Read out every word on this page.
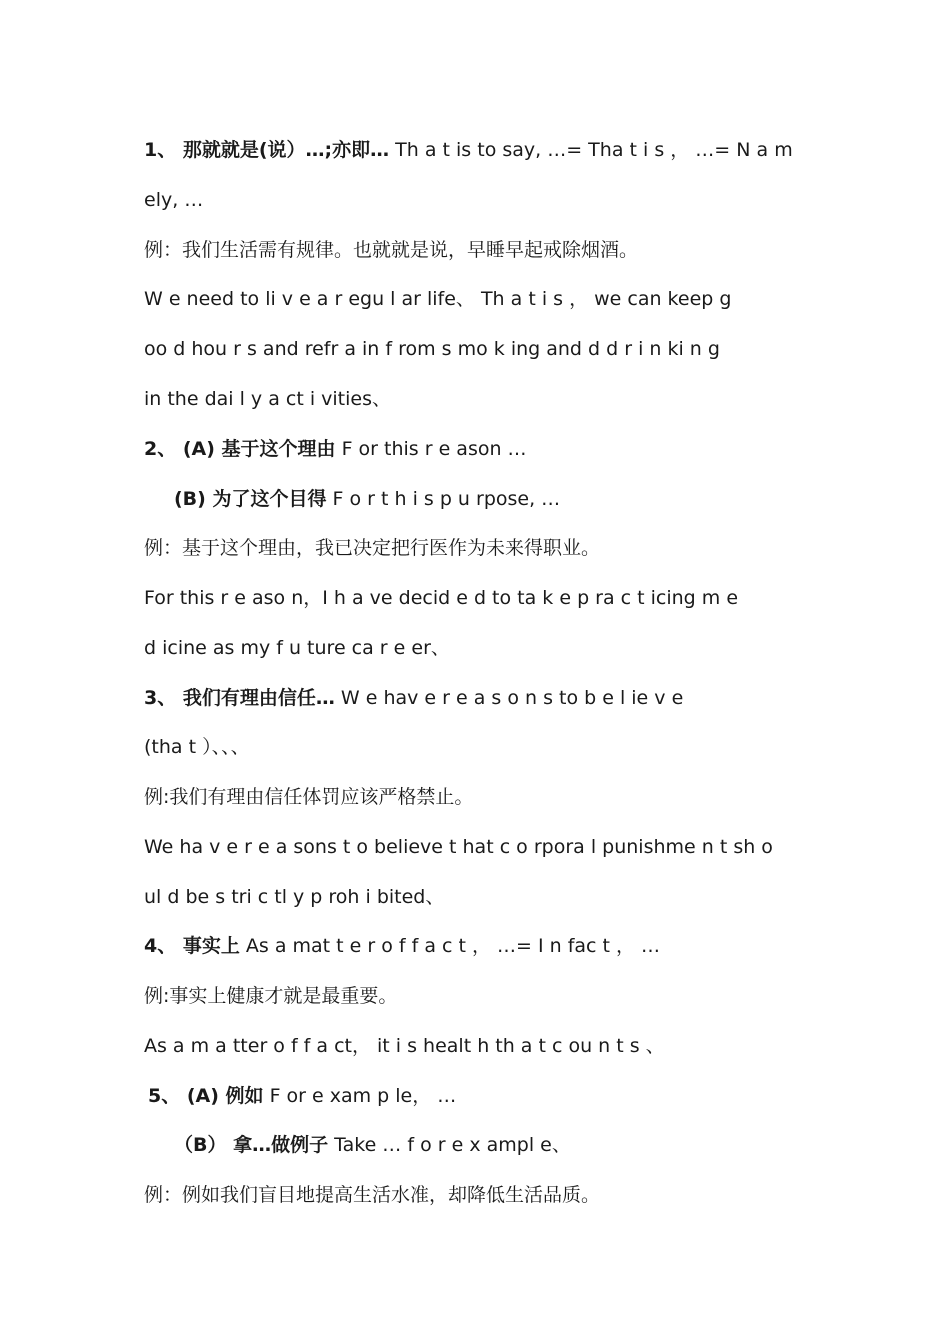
1、 那就就是(说）…;亦即… Th a t is to say, …= Tha t i s ， …= N a m
ely, …
例：我们生活需有规律。也就就是说，早睡早起戒除烟酒。
W e need to li v e a r egu l ar life、 Th a t i s ， we can keep g
oo d hou r s and refr a in f rom s mo k ing and d d r i n ki n g
in the dai l y a ct i vities、
2、 (A) 基于这个理由 F or this r e ason …
(B) 为了这个目得 F o r t h i s p u rpose, …
例：基于这个理由，我已决定把行医作为未来得职业。
For this r e aso n，I h a ve decid e d to ta k e p ra c t icing m e
d icine as my f u ture ca r e er、
3、 我们有理由信任… W e hav e r e a s o n s to b e l ie v e
(tha t ）、、、
例:我们有理由信任体罚应该严格禁止。
We ha v e r e a sons t o believe t hat c o rpora l punishme n t sh o
ul d be s tri c tl y p roh i bited、
4、 事实上 As a mat t e r o f f a c t ， …= I n fac t ， …
例:事实上健康才就是最重要。
As a m a tter o f f a ct， it i s healt h th a t c ou n t s 、
5、 (A) 例如 F or e xam p le， …
（B） 拿…做例子 Take … f o r e x ampl e、
例：例如我们盲目地提高生活水准，却降低生活品质。
